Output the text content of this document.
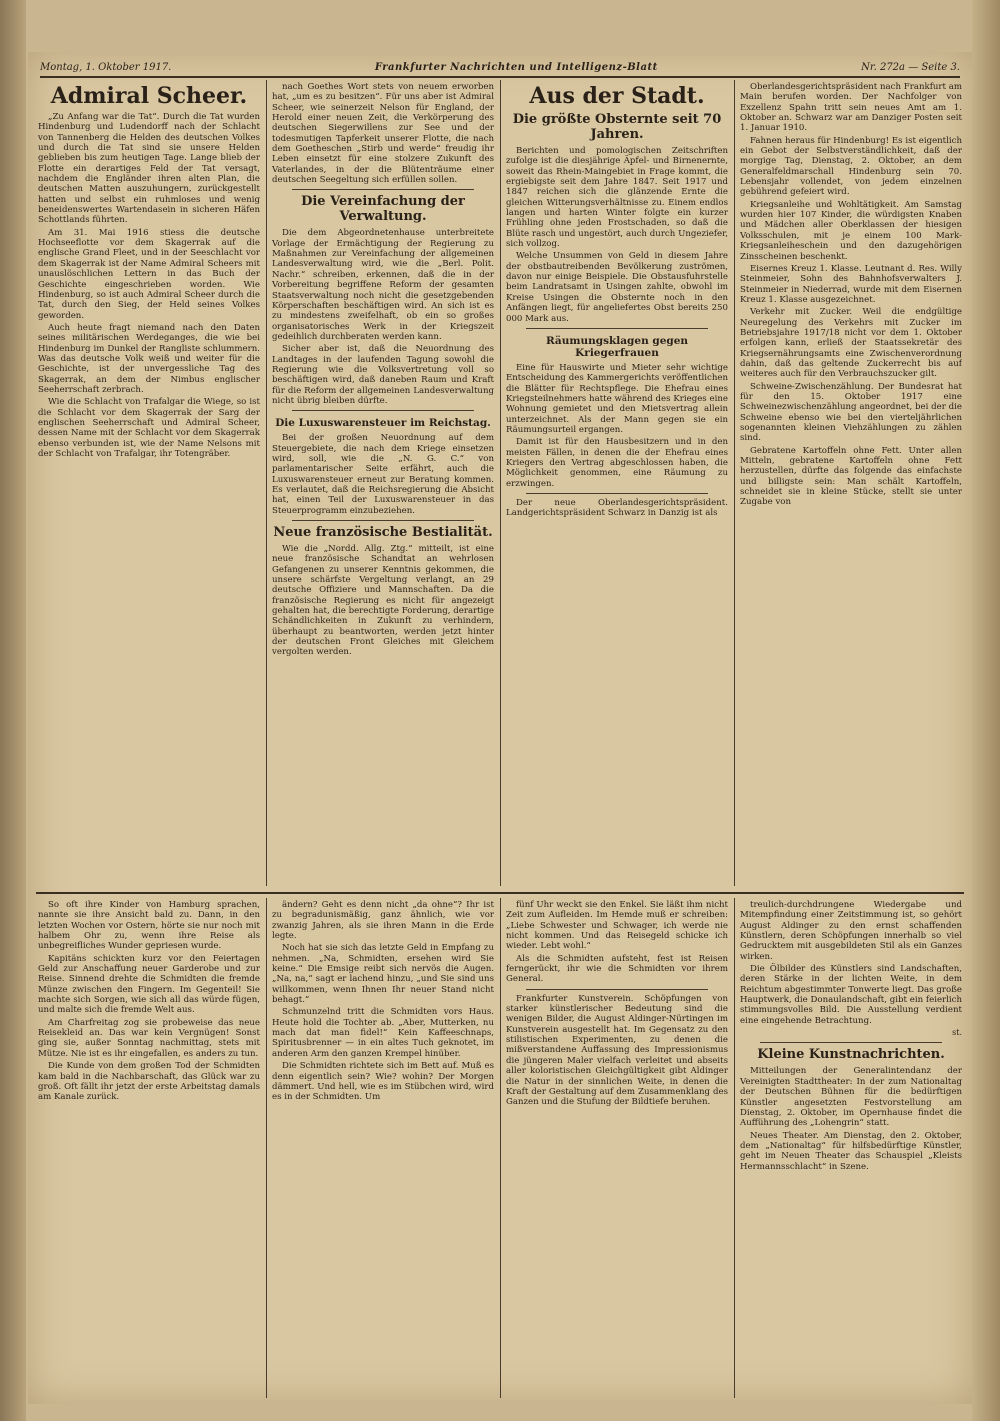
Montag, 1. Oktober 1917.	Frankfurter Nachrichten und Intelligenz-Blatt	Nr. 272a — Seite 3.
Admiral Scheer.

„Zu Anfang war die Tat“. Durch die Tat wurden Hindenburg und Ludendorff nach der Schlacht von Tannenberg die Helden des deutschen Volkes und durch die Tat sind sie unsere Helden geblieben bis zum heutigen Tage. Lange blieb der Flotte ein derartiges Feld der Tat versagt, nachdem die Engländer ihren alten Plan, die deutschen Matten auszuhungern, zurückgestellt hatten und selbst ein ruhmloses und wenig beneidenswertes Wartendasein in sicheren Häfen Schottlands führten.

Am 31. Mai 1916 stiess die deutsche Hochseeflotte vor dem Skagerrak auf die englische Grand Fleet, und in der Seeschlacht vor dem Skagerrak ist der Name Admiral Scheers mit unauslöschlichen Lettern in das Buch der Geschichte eingeschrieben worden. Wie Hindenburg, so ist auch Admiral Scheer durch die Tat, durch den Sieg, der Held seines Volkes geworden.

Auch heute fragt niemand nach den Daten seines militärischen Werdeganges, die wie bei Hindenburg im Dunkel der Rangliste schlummern. Was das deutsche Volk weiß und weiter für die Geschichte, ist der unvergessliche Tag des Skagerrak, an dem der Nimbus englischer Seeherrschaft zerbrach.

Wie die Schlacht von Trafalgar die Wiege, so ist die Schlacht vor dem Skagerrak der Sarg der englischen Seeherrschaft und Admiral Scheer, dessen Name mit der Schlacht vor dem Skagerrak ebenso verbunden ist, wie der Name Nelsons mit der Schlacht von Trafalgar, ihr Totengräber.

nach Goethes Wort stets von neuem erworben hat, „um es zu besitzen“. Für uns aber ist Admiral Scheer, wie seinerzeit Nelson für England, der Herold einer neuen Zeit, die Verkörperung des deutschen Siegerwillens zur See und der todesmutigen Tapferkeit unserer Flotte, die nach dem Goetheschen „Stirb und werde“ freudig ihr Leben einsetzt für eine stolzere Zukunft des Vaterlandes, in der die Blütenträume einer deutschen Seegeltung sich erfüllen sollen.

Die Vereinfachung der Verwaltung.

Die dem Abgeordnetenhause unterbreitete Vorlage der Ermächtigung der Regierung zu Maßnahmen zur Vereinfachung der allgemeinen Landesverwaltung wird, wie die „Berl. Polit. Nachr.“ schreiben, erkennen, daß die in der Vorbereitung begriffene Reform der gesamten Staatsverwaltung noch nicht die gesetzgebenden Körperschaften beschäftigen wird. An sich ist es zu mindestens zweifelhaft, ob ein so großes organisatorisches Werk in der Kriegszeit gedeihlich durchberaten werden kann.

Sicher aber ist, daß die Neuordnung des Landtages in der laufenden Tagung sowohl die Regierung wie die Volksvertretung voll so beschäftigen wird, daß daneben Raum und Kraft für die Reform der allgemeinen Landesverwaltung nicht übrig bleiben dürfte.

Die Luxuswarensteuer im Reichstag.

Bei der großen Neuordnung auf dem Steuergebiete, die nach dem Kriege einsetzen wird, soll, wie die „N. G. C.“ von parlamentarischer Seite erfährt, auch die Luxuswarensteuer erneut zur Beratung kommen. Es verlautet, daß die Reichsregierung die Absicht hat, einen Teil der Luxuswarensteuer in das Steuerprogramm einzubeziehen.

Neue französische Bestialität.

Wie die „Nordd. Allg. Ztg.“ mitteilt, ist eine neue französische Schandtat an wehrlosen Gefangenen zu unserer Kenntnis gekommen, die unsere schärfste Vergeltung verlangt, an 29 deutsche Offiziere und Mannschaften. Da die französische Regierung es nicht für angezeigt gehalten hat, die berechtigte Forderung, derartige Schändlichkeiten in Zukunft zu verhindern, überhaupt zu beantworten, werden jetzt hinter der deutschen Front Gleiches mit Gleichem vergolten werden.

Aus der Stadt.
Die größte Obsternte seit 70 Jahren.

Berichten und pomologischen Zeitschriften zufolge ist die diesjährige Äpfel- und Birnenernte, soweit das Rhein-Maingebiet in Frage kommt, die ergiebigste seit dem Jahre 1847. Seit 1917 und 1847 reichen sich die glänzende Ernte die gleichen Witterungsverhältnisse zu. Einem endlos langen und harten Winter folgte ein kurzer Frühling ohne jeden Frostschaden, so daß die Blüte rasch und ungestört, auch durch Ungeziefer, sich vollzog.

Welche Unsummen von Geld in diesem Jahre der obstbautreibenden Bevölkerung zuströmen, davon nur einige Beispiele. Die Obstausfuhrstelle beim Landratsamt in Usingen zahlte, obwohl im Kreise Usingen die Obsternte noch in den Anfängen liegt, für angeliefertes Obst bereits 250 000 Mark aus.

Räumungsklagen gegen Kriegerfrauen

Eine für Hauswirte und Mieter sehr wichtige Entscheidung des Kammergerichts veröffentlichen die Blätter für Rechtspflege. Die Ehefrau eines Kriegsteilnehmers hatte während des Krieges eine Wohnung gemietet und den Mietsvertrag allein unterzeichnet. Als der Mann gegen sie ein Räumungsurteil ergangen.

Damit ist für den Hausbesitzern und in den meisten Fällen, in denen die der Ehefrau eines Kriegers den Vertrag abgeschlossen haben, die Möglichkeit genommen, eine Räumung zu erzwingen.

Der neue Oberlandesgerichtspräsident. Landgerichtspräsident Schwarz in Danzig ist als

Oberlandesgerichtspräsident nach Frankfurt am Main berufen worden. Der Nachfolger von Exzellenz Spahn tritt sein neues Amt am 1. Oktober an. Schwarz war am Danziger Posten seit 1. Januar 1910.

Fahnen heraus für Hindenburg! Es ist eigentlich ein Gebot der Selbstverständlichkeit, daß der morgige Tag, Dienstag, 2. Oktober, an dem Generalfeldmarschall Hindenburg sein 70. Lebensjahr vollendet, von jedem einzelnen gebührend gefeiert wird.

Kriegsanleihe und Wohltätigkeit. Am Samstag wurden hier 107 Kinder, die würdigsten Knaben und Mädchen aller Oberklassen der hiesigen Volksschulen, mit je einem 100 Mark-Kriegsanleiheschein und den dazugehörigen Zinsscheinen beschenkt.

Eisernes Kreuz 1. Klasse. Leutnant d. Res. Willy Steinmeier, Sohn des Bahnhofsverwalters J. Steinmeier in Niederrad, wurde mit dem Eisernen Kreuz 1. Klasse ausgezeichnet.

Verkehr mit Zucker. Weil die endgültige Neuregelung des Verkehrs mit Zucker im Betriebsjahre 1917/18 nicht vor dem 1. Oktober erfolgen kann, erließ der Staatssekretär des Kriegsernährungsamts eine Zwischenverordnung dahin, daß das geltende Zuckerrecht bis auf weiteres auch für den Verbrauchszucker gilt.

Schweine-Zwischenzählung. Der Bundesrat hat für den 15. Oktober 1917 eine Schweinezwischenzählung angeordnet, bei der die Schweine ebenso wie bei den vierteljährlichen sogenannten kleinen Viehzählungen zu zählen sind.

Gebratene Kartoffeln ohne Fett. Unter allen Mitteln, gebratene Kartoffeln ohne Fett herzustellen, dürfte das folgende das einfachste und billigste sein: Man schält Kartoffeln, schneidet sie in kleine Stücke, stellt sie unter Zugabe von

So oft ihre Kinder von Hamburg sprachen, nannte sie ihre Ansicht bald zu. Dann, in den letzten Wochen vor Ostern, hörte sie nur noch mit halbem Ohr zu, wenn ihre Reise als unbegreifliches Wunder gepriesen wurde.

Kapitäns schickten kurz vor den Feiertagen Geld zur Anschaffung neuer Garderobe und zur Reise. Sinnend drehte die Schmidten die fremde Münze zwischen den Fingern. Im Gegenteil! Sie machte sich Sorgen, wie sich all das würde fügen, und malte sich die fremde Welt aus.

Am Charfreitag zog sie probeweise das neue Reisekleid an. Das war kein Vergnügen! Sonst ging sie, außer Sonntag nachmittag, stets mit Mütze. Nie ist es ihr eingefallen, es anders zu tun.

Die Kunde von dem großen Tod der Schmidten kam bald in die Nachbarschaft, das Glück war zu groß. Oft fällt ihr jetzt der erste Arbeitstag damals am Kanale zurück.

ändern? Geht es denn nicht „da ohne“? Ihr ist zu begradunismäßig, ganz ähnlich, wie vor zwanzig Jahren, als sie ihren Mann in die Erde legte.

Noch hat sie sich das letzte Geld in Empfang zu nehmen. „Na, Schmidten, ersehen wird Sie keine.“ Die Emsige reibt sich nervös die Augen. „Na, na,“ sagt er lachend hinzu, „und Sie sind uns willkommen, wenn Ihnen Ihr neuer Stand nicht behagt.“

Schmunzelnd tritt die Schmidten vors Haus. Heute hold die Tochter ab. „Aber, Mutterken, nu mach dat man fidel!“ Kein Kaffeeschnaps, Spiritusbrenner — in ein altes Tuch geknotet, im anderen Arm den ganzen Krempel hinüber.

Die Schmidten richtete sich im Bett auf. Muß es denn eigentlich sein? Wie? wohin? Der Morgen dämmert. Und hell, wie es im Stübchen wird, wird es in der Schmidten. Um

fünf Uhr weckt sie den Enkel. Sie läßt ihm nicht Zeit zum Aufleiden. Im Hemde muß er schreiben: „Liebe Schwester und Schwager, ich werde nie nicht kommen. Und das Reisegeld schicke ich wieder. Lebt wohl.“

Als die Schmidten aufsteht, fest ist Reisen ferngerückt, ihr wie die Schmidten vor ihrem General.

Frankfurter Kunstverein. Schöpfungen von starker künstlerischer Bedeutung sind die wenigen Bilder, die August Aldinger-Nürtingen im Kunstverein ausgestellt hat. Im Gegensatz zu den stilistischen Experimenten, zu denen die mißverstandene Auffassung des Impressionismus die jüngeren Maler vielfach verleitet und abseits aller koloristischen Gleichgültigkeit gibt Aldinger die Natur in der sinnlichen Weite, in denen die Kraft der Gestaltung auf dem Zusammenklang des Ganzen und die Stufung der Bildtiefe beruhen.

treulich-durchdrungene Wiedergabe und Mitempfindung einer Zeitstimmung ist, so gehört August Aldinger zu den ernst schaffenden Künstlern, deren Schöpfungen innerhalb so viel Gedrucktem mit ausgebildeten Stil als ein Ganzes wirken.

Die Ölbilder des Künstlers sind Landschaften, deren Stärke in der lichten Weite, in dem Reichtum abgestimmter Tonwerte liegt. Das große Hauptwerk, die Donaulandschaft, gibt ein feierlich stimmungsvolles Bild. Die Ausstellung verdient eine eingehende Betrachtung.

st.
Kleine Kunstnachrichten.

Mitteilungen der Generalintendanz der Vereinigten Stadttheater: In der zum Nationaltag der Deutschen Bühnen für die bedürftigen Künstler angesetzten Festvorstellung am Dienstag, 2. Oktober, im Opernhause findet die Aufführung des „Lohengrin“ statt.

Neues Theater. Am Dienstag, den 2. Oktober, dem „Nationaltag“ für hilfsbedürftige Künstler, geht im Neuen Theater das Schauspiel „Kleists Hermannsschlacht“ in Szene.
